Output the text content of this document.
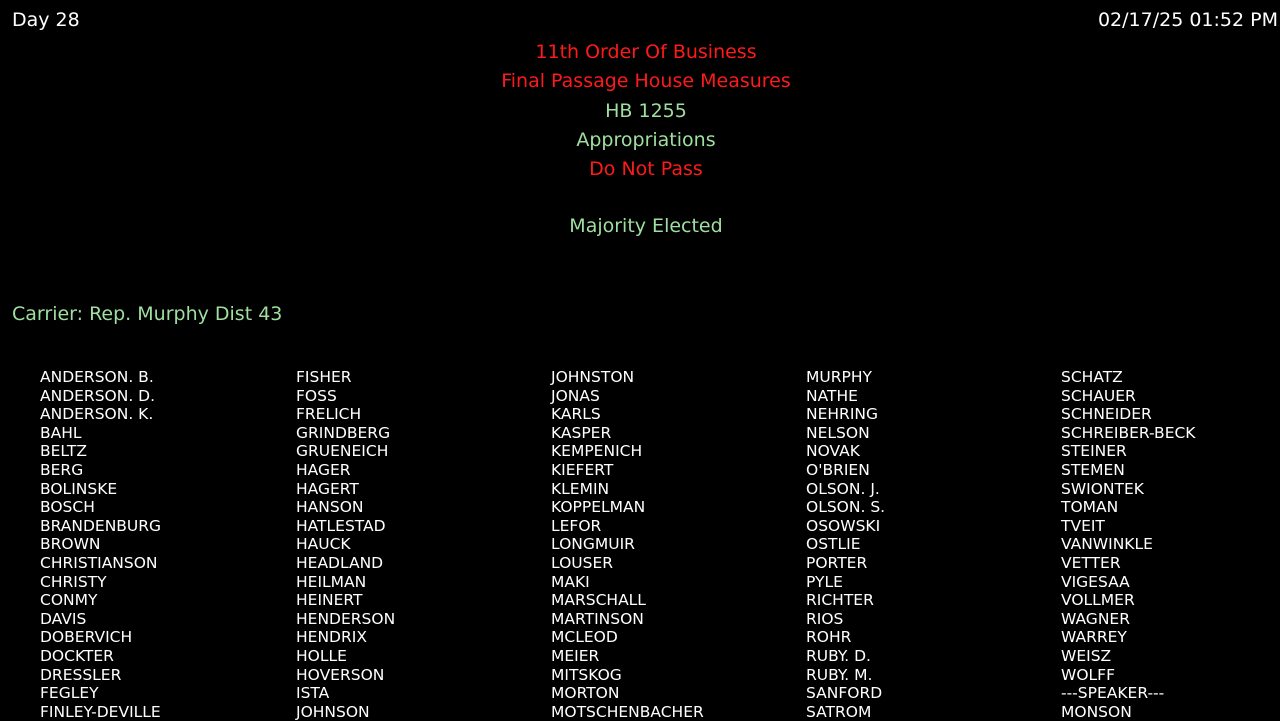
Day 28	02/17/25 01:52 PM
11th Order Of Business
Final Passage House Measures
HB 1255
Appropriations
Do Not Pass
Majority Elected
Carrier: Rep. Murphy Dist 43
ANDERSON. B.
ANDERSON. D.
ANDERSON. K.
BAHL
BELTZ
BERG
BOLINSKE
BOSCH
BRANDENBURG
BROWN
CHRISTIANSON
CHRISTY
CONMY
DAVIS
DOBERVICH
DOCKTER
DRESSLER
FEGLEY
FINLEY-DEVILLE
FISHER
FOSS
FRELICH
GRINDBERG
GRUENEICH
HAGER
HAGERT
HANSON
HATLESTAD
HAUCK
HEADLAND
HEILMAN
HEINERT
HENDERSON
HENDRIX
HOLLE
HOVERSON
ISTA
JOHNSON
JOHNSTON
JONAS
KARLS
KASPER
KEMPENICH
KIEFERT
KLEMIN
KOPPELMAN
LEFOR
LONGMUIR
LOUSER
MAKI
MARSCHALL
MARTINSON
MCLEOD
MEIER
MITSKOG
MORTON
MOTSCHENBACHER
MURPHY
NATHE
NEHRING
NELSON
NOVAK
O'BRIEN
OLSON. J.
OLSON. S.
OSOWSKI
OSTLIE
PORTER
PYLE
RICHTER
RIOS
ROHR
RUBY. D.
RUBY. M.
SANFORD
SATROM
SCHATZ
SCHAUER
SCHNEIDER
SCHREIBER-BECK
STEINER
STEMEN
SWIONTEK
TOMAN
TVEIT
VANWINKLE
VETTER
VIGESAA
VOLLMER
WAGNER
WARREY
WEISZ
WOLFF
---SPEAKER---
MONSON
